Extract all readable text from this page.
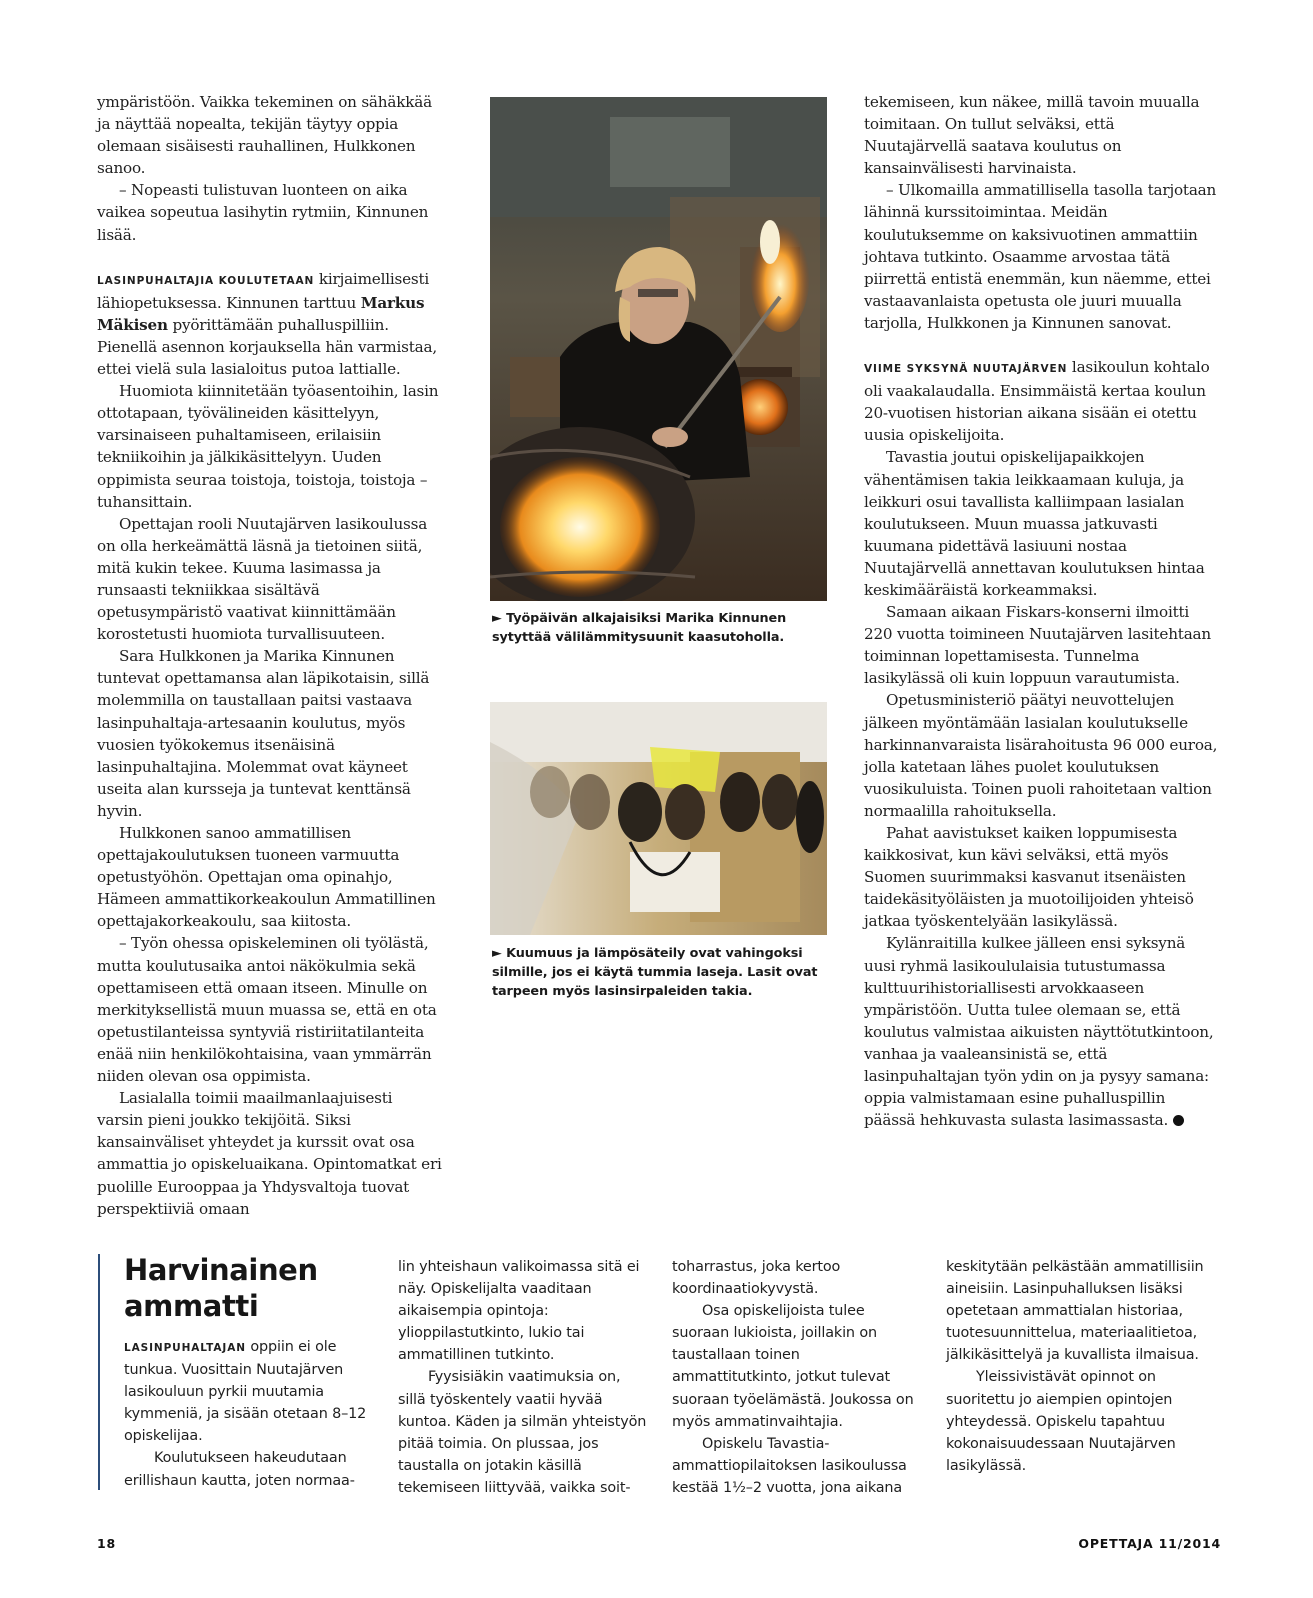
ympäristöön. Vaikka tekeminen on sähäkkää ja näyttää nopealta, tekijän täytyy oppia olemaan sisäisesti rauhallinen, Hulkkonen sanoo.

– Nopeasti tulistuvan luonteen on aika vaikea sopeutua lasihytin rytmiin, Kinnunen lisää.

LASINPUHALTAJIA KOULUTETAAN kirjaimellisesti lähiopetuksessa. Kinnunen tarttuu Markus Mäkisen pyörittämään puhalluspilliin. Pienellä asennon korjauksella hän varmistaa, ettei vielä sula lasialoitus putoa lattialle.

Huomiota kiinnitetään työasentoihin, lasin ottotapaan, työvälineiden käsittelyyn, varsinaiseen puhaltamiseen, erilaisiin tekniikoihin ja jälkikäsittelyyn. Uuden oppimista seuraa toistoja, toistoja, toistoja – tuhansittain.

Opettajan rooli Nuutajärven lasikoulussa on olla herkeämättä läsnä ja tietoinen siitä, mitä kukin tekee. Kuuma lasimassa ja runsaasti tekniikkaa sisältävä opetusympäristö vaativat kiinnittämään korostetusti huomiota turvallisuuteen.

Sara Hulkkonen ja Marika Kinnunen tuntevat opettamansa alan läpikotaisin, sillä molemmilla on taustallaan paitsi vastaava lasinpuhaltaja-artesaanin koulutus, myös vuosien työkokemus itsenäisinä lasinpuhaltajina. Molemmat ovat käyneet useita alan kursseja ja tuntevat kenttänsä hyvin.

Hulkkonen sanoo ammatillisen opettajakoulutuksen tuoneen varmuutta opetustyöhön. Opettajan oma opinahjo, Hämeen ammattikorkeakoulun Ammatillinen opettajakorkeakoulu, saa kiitosta.

– Työn ohessa opiskeleminen oli työlästä, mutta koulutusaika antoi näkökulmia sekä opettamiseen että omaan itseen. Minulle on merkityksellistä muun muassa se, että en ota opetustilanteissa syntyviä ristiriitatilanteita enää niin henkilökohtaisina, vaan ymmärrän niiden olevan osa oppimista.

Lasialalla toimii maailmanlaajuisesti varsin pieni joukko tekijöitä. Siksi kansainväliset yhteydet ja kurssit ovat osa ammattia jo opiskeluaikana. Opintomatkat eri puolille Eurooppaa ja Yhdysvaltoja tuovat perspektiiviä omaan

► Työpäivän alkajaisiksi Marika Kinnunen sytyttää välilämmitysuunit kaasutoholla.
► Kuumuus ja lämpösäteily ovat vahingoksi silmille, jos ei käytä tummia laseja. Lasit ovat tarpeen myös lasinsirpaleiden takia.

tekemiseen, kun näkee, millä tavoin muualla toimitaan. On tullut selväksi, että Nuutajärvellä saatava koulutus on kansainvälisesti harvinaista.

– Ulkomailla ammatillisella tasolla tarjotaan lähinnä kurssitoimintaa. Meidän koulutuksemme on kaksivuotinen ammattiin johtava tutkinto. Osaamme arvostaa tätä piirrettä entistä enemmän, kun näemme, ettei vastaavanlaista opetusta ole juuri muualla tarjolla, Hulkkonen ja Kinnunen sanovat.

VIIME SYKSYNÄ NUUTAJÄRVEN lasikoulun kohtalo oli vaakalaudalla. Ensimmäistä kertaa koulun 20-vuotisen historian aikana sisään ei otettu uusia opiskelijoita.

Tavastia joutui opiskelijapaikkojen vähentämisen takia leikkaamaan kuluja, ja leikkuri osui tavallista kalliimpaan lasialan koulutukseen. Muun muassa jatkuvasti kuumana pidettävä lasiuuni nostaa Nuutajärvellä annettavan koulutuksen hintaa keskimääräistä korkeammaksi.

Samaan aikaan Fiskars-konserni ilmoitti 220 vuotta toimineen Nuutajärven lasitehtaan toiminnan lopettamisesta. Tunnelma lasikylässä oli kuin loppuun varautumista.

Opetusministeriö päätyi neuvottelujen jälkeen myöntämään lasialan koulutukselle harkinnanvaraista lisärahoitusta 96 000 euroa, jolla katetaan lähes puolet koulutuksen vuosikuluista. Toinen puoli rahoitetaan valtion normaalilla rahoituksella.

Pahat aavistukset kaiken loppumisesta kaikkosivat, kun kävi selväksi, että myös Suomen suurimmaksi kasvanut itsenäisten taidekäsityöläisten ja muotoilijoiden yhteisö jatkaa työskentelyään lasikylässä.

Kylänraitilla kulkee jälleen ensi syksynä uusi ryhmä lasikoululaisia tutustumassa kulttuurihistoriallisesti arvokkaaseen ympäristöön. Uutta tulee olemaan se, että koulutus valmistaa aikuisten näyttötutkintoon, vanhaa ja vaaleansinistä se, että lasinpuhaltajan työn ydin on ja pysyy samana: oppia valmistamaan esine puhalluspillin päässä hehkuvasta sulasta lasimassasta.

Harvinainen ammatti

LASINPUHALTAJAN oppiin ei ole tunkua. Vuosittain Nuutajärven lasikouluun pyrkii muutamia kymmeniä, ja sisään otetaan 8–12 opiskelijaa.

Koulutukseen hakeudutaan erillishaun kautta, joten normaa-

lin yhteishaun valikoimassa sitä ei näy. Opiskelijalta vaaditaan aikaisempia opintoja: ylioppilastutkinto, lukio tai ammatillinen tutkinto.

Fyysisiäkin vaatimuksia on, sillä työskentely vaatii hyvää kuntoa. Käden ja silmän yhteistyön pitää toimia. On plussaa, jos taustalla on jotakin käsillä tekemiseen liittyvää, vaikka soit-

toharrastus, joka kertoo koordinaatiokyvystä.

Osa opiskelijoista tulee suoraan lukioista, joillakin on taustallaan toinen ammattitutkinto, jotkut tulevat suoraan työelämästä. Joukossa on myös ammatinvaihtajia.

Opiskelu Tavastia-ammattiopilaitoksen lasikoulussa kestää 1½–2 vuotta, jona aikana

keskitytään pelkästään ammatillisiin aineisiin. Lasinpuhalluksen lisäksi opetetaan ammattialan historiaa, tuotesuunnittelua, materiaalitietoa, jälkikäsittelyä ja kuvallista ilmaisua.

Yleissivistävät opinnot on suoritettu jo aiempien opintojen yhteydessä. Opiskelu tapahtuu kokonaisuudessaan Nuutajärven lasikylässä.

18	OPETTAJA 11/2014
